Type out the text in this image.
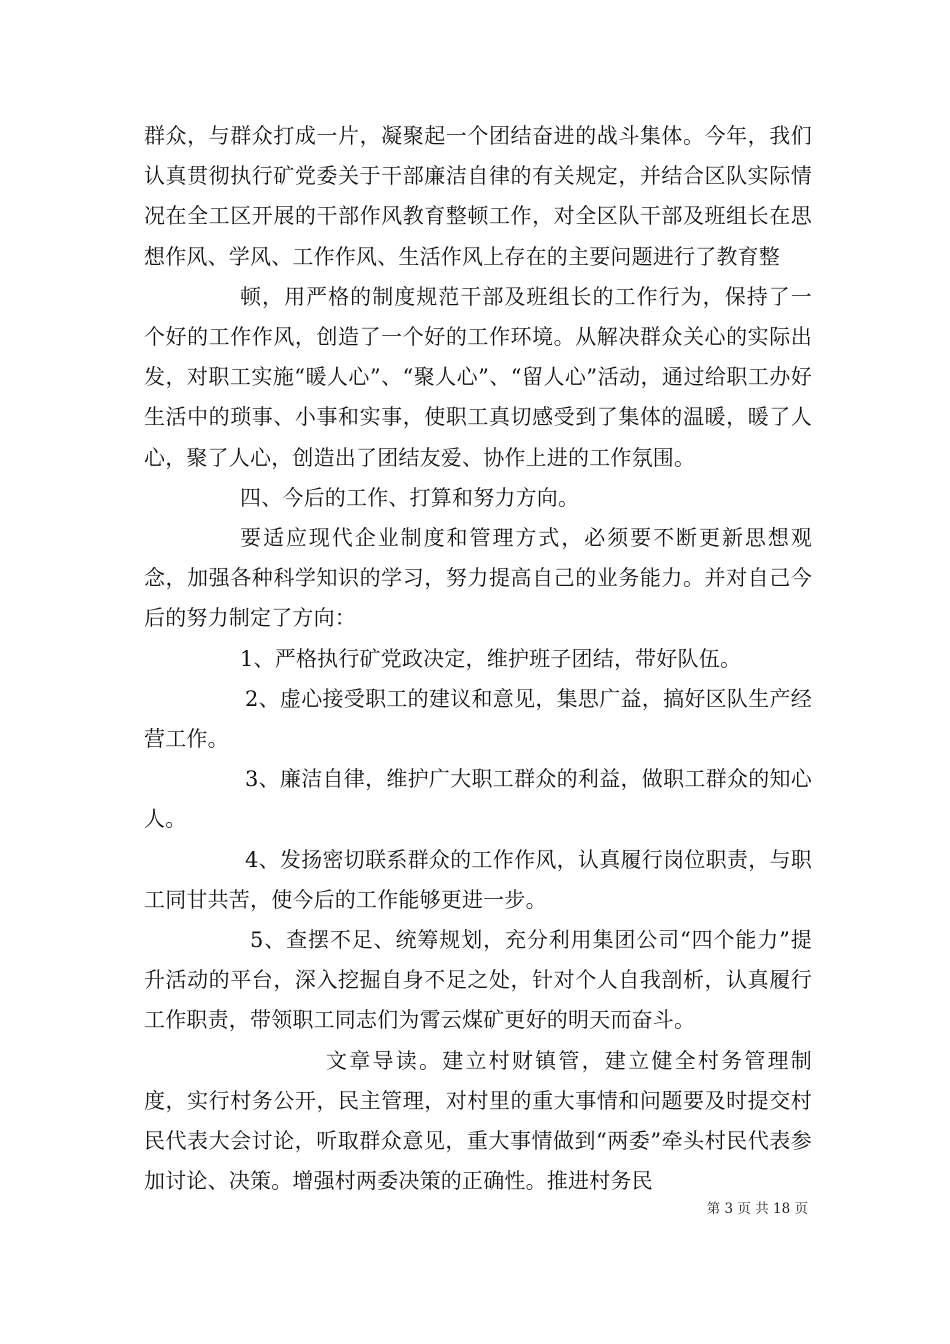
群众，与群众打成一片，凝聚起一个团结奋进的战斗集体。今年，我们认真贯彻执行矿党委关于干部廉洁自律的有关规定，并结合区队实际情况在全工区开展的干部作风教育整顿工作，对全区队干部及班组长在思想作风、学风、工作作风、生活作风上存在的主要问题进行了教育整

顿，用严格的制度规范干部及班组长的工作行为，保持了一个好的工作作风，创造了一个好的工作环境。从解决群众关心的实际出发，对职工实施“暖人心”、“聚人心”、“留人心”活动，通过给职工办好生活中的琐事、小事和实事，使职工真切感受到了集体的温暖，暖了人心，聚了人心，创造出了团结友爱、协作上进的工作氛围。

四、今后的工作、打算和努力方向。

要适应现代企业制度和管理方式，必须要不断更新思想观念，加强各种科学知识的学习，努力提高自己的业务能力。并对自己今后的努力制定了方向：

1、严格执行矿党政决定，维护班子团结，带好队伍。

2、虚心接受职工的建议和意见，集思广益，搞好区队生产经营工作。

3、廉洁自律，维护广大职工群众的利益，做职工群众的知心人。

4、发扬密切联系群众的工作作风，认真履行岗位职责，与职工同甘共苦，使今后的工作能够更进一步。

5、查摆不足、统筹规划，充分利用集团公司“四个能力”提升活动的平台，深入挖掘自身不足之处，针对个人自我剖析，认真履行工作职责，带领职工同志们为霄云煤矿更好的明天而奋斗。

文章导读。建立村财镇管，建立健全村务管理制度，实行村务公开，民主管理，对村里的重大事情和问题要及时提交村民代表大会讨论，听取群众意见，重大事情做到“两委”牵头村民代表参加讨论、决策。增强村两委决策的正确性。推进村务民

第 3 页 共 18 页
